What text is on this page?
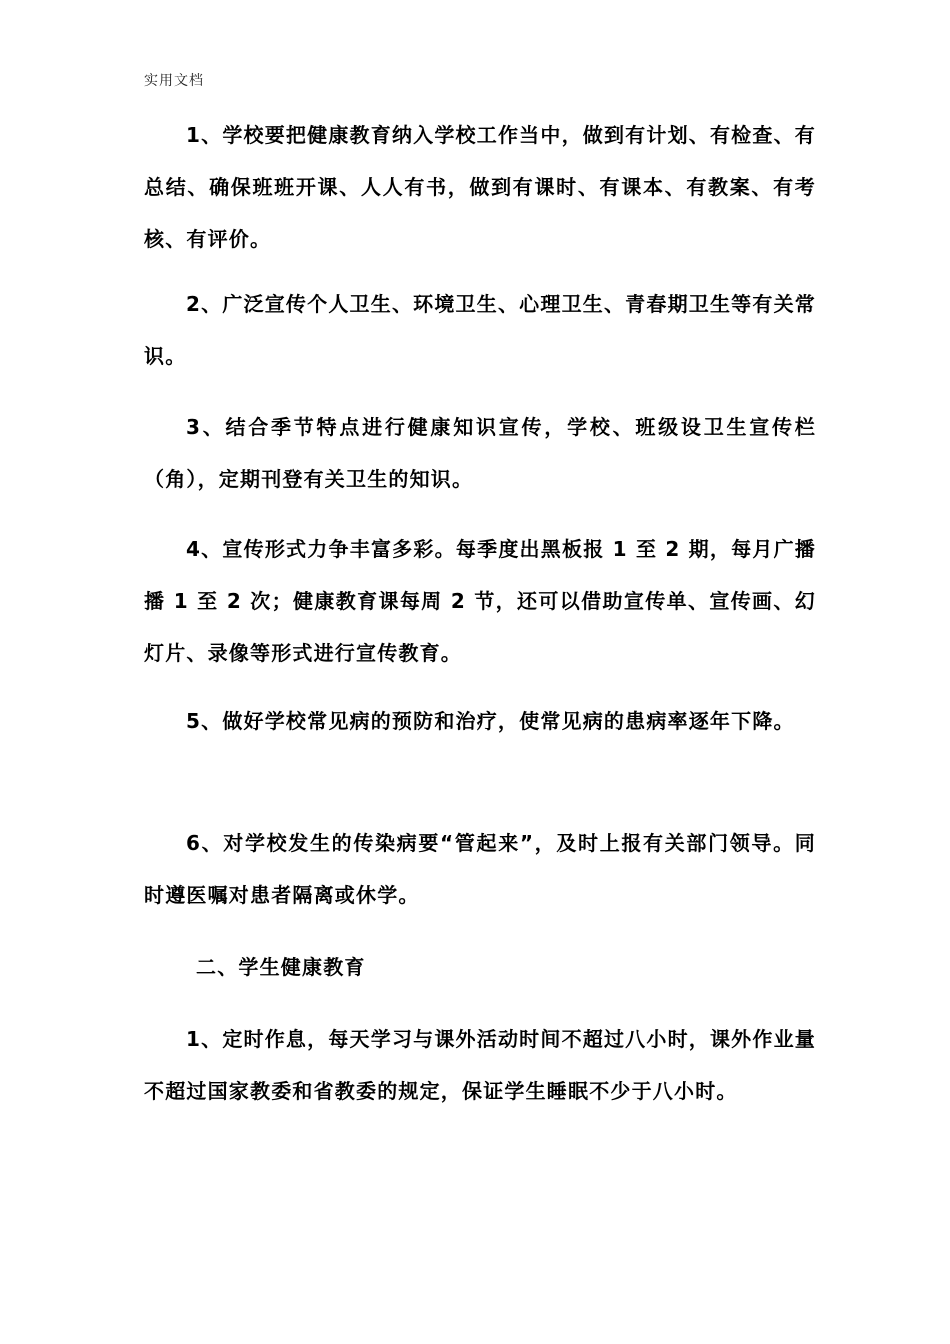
实用文档
1、学校要把健康教育纳入学校工作当中，做到有计划、有检查、有总结、确保班班开课、人人有书，做到有课时、有课本、有教案、有考核、有评价。
2、广泛宣传个人卫生、环境卫生、心理卫生、青春期卫生等有关常识。
3、结合季节特点进行健康知识宣传，学校、班级设卫生宣传栏（角），定期刊登有关卫生的知识。
4、宣传形式力争丰富多彩。每季度出黑板报 1 至 2 期，每月广播播 1 至 2 次；健康教育课每周 2 节，还可以借助宣传单、宣传画、幻灯片、录像等形式进行宣传教育。
5、做好学校常见病的预防和治疗，使常见病的患病率逐年下降。
6、对学校发生的传染病要“管起来”，及时上报有关部门领导。同时遵医嘱对患者隔离或休学。
二、学生健康教育
1、定时作息，每天学习与课外活动时间不超过八小时，课外作业量不超过国家教委和省教委的规定，保证学生睡眠不少于八小时。
